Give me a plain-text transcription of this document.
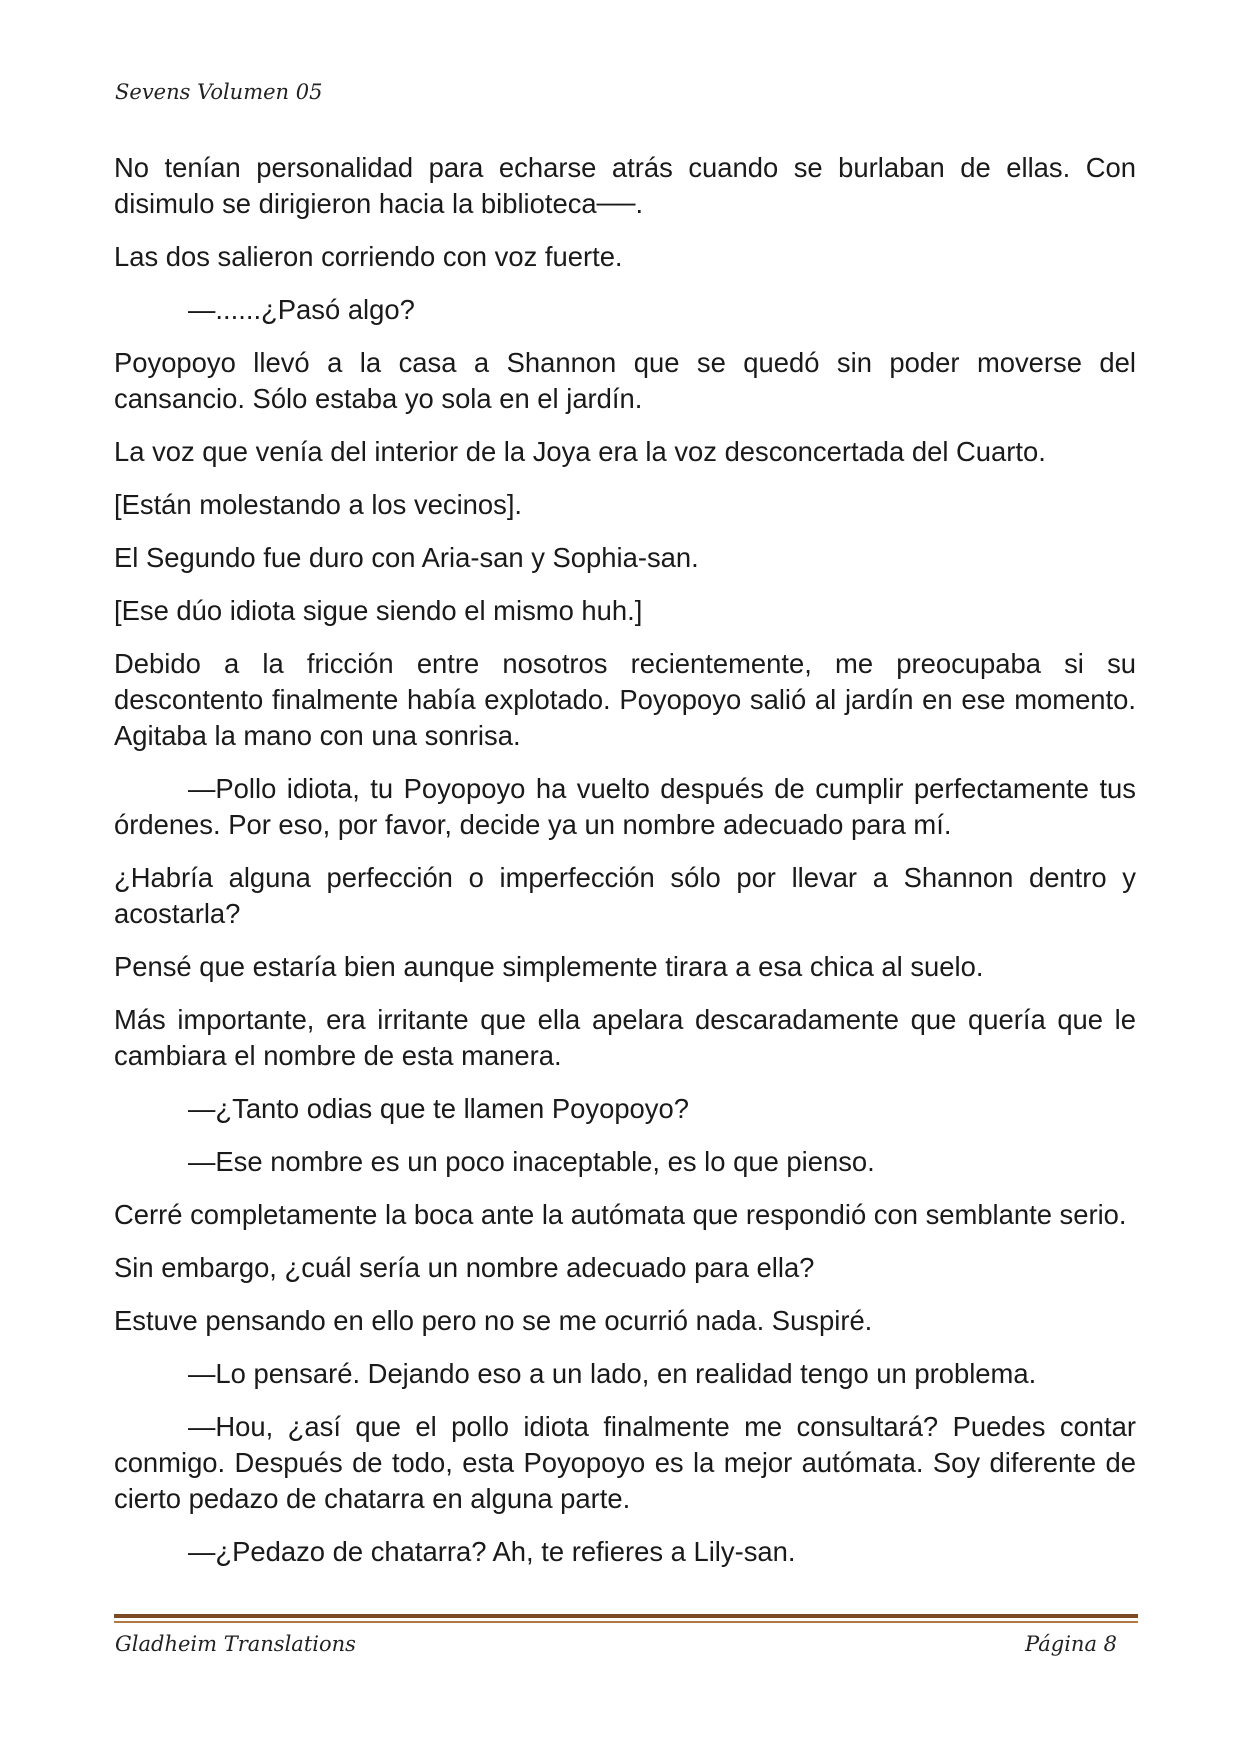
Sevens Volumen 05

No tenían personalidad para echarse atrás cuando se burlaban de ellas. Con disimulo se dirigieron hacia la biblioteca──.

Las dos salieron corriendo con voz fuerte.

—......¿Pasó algo?

Poyopoyo llevó a la casa a Shannon que se quedó sin poder moverse del cansancio. Sólo estaba yo sola en el jardín.

La voz que venía del interior de la Joya era la voz desconcertada del Cuarto.

[Están molestando a los vecinos].

El Segundo fue duro con Aria-san y Sophia-san.

[Ese dúo idiota sigue siendo el mismo huh.]

Debido a la fricción entre nosotros recientemente, me preocupaba si su descontento finalmente había explotado. Poyopoyo salió al jardín en ese momento. Agitaba la mano con una sonrisa.

—Pollo idiota, tu Poyopoyo ha vuelto después de cumplir perfectamente tus órdenes. Por eso, por favor, decide ya un nombre adecuado para mí.

¿Habría alguna perfección o imperfección sólo por llevar a Shannon dentro y acostarla?

Pensé que estaría bien aunque simplemente tirara a esa chica al suelo.

Más importante, era irritante que ella apelara descaradamente que quería que le cambiara el nombre de esta manera.

—¿Tanto odias que te llamen Poyopoyo?

—Ese nombre es un poco inaceptable, es lo que pienso.

Cerré completamente la boca ante la autómata que respondió con semblante serio.

Sin embargo, ¿cuál sería un nombre adecuado para ella?

Estuve pensando en ello pero no se me ocurrió nada. Suspiré.

—Lo pensaré. Dejando eso a un lado, en realidad tengo un problema.

—Hou, ¿así que el pollo idiota finalmente me consultará? Puedes contar conmigo. Después de todo, esta Poyopoyo es la mejor autómata. Soy diferente de cierto pedazo de chatarra en alguna parte.

—¿Pedazo de chatarra? Ah, te refieres a Lily-san.

Gladheim Translations	Página 8
